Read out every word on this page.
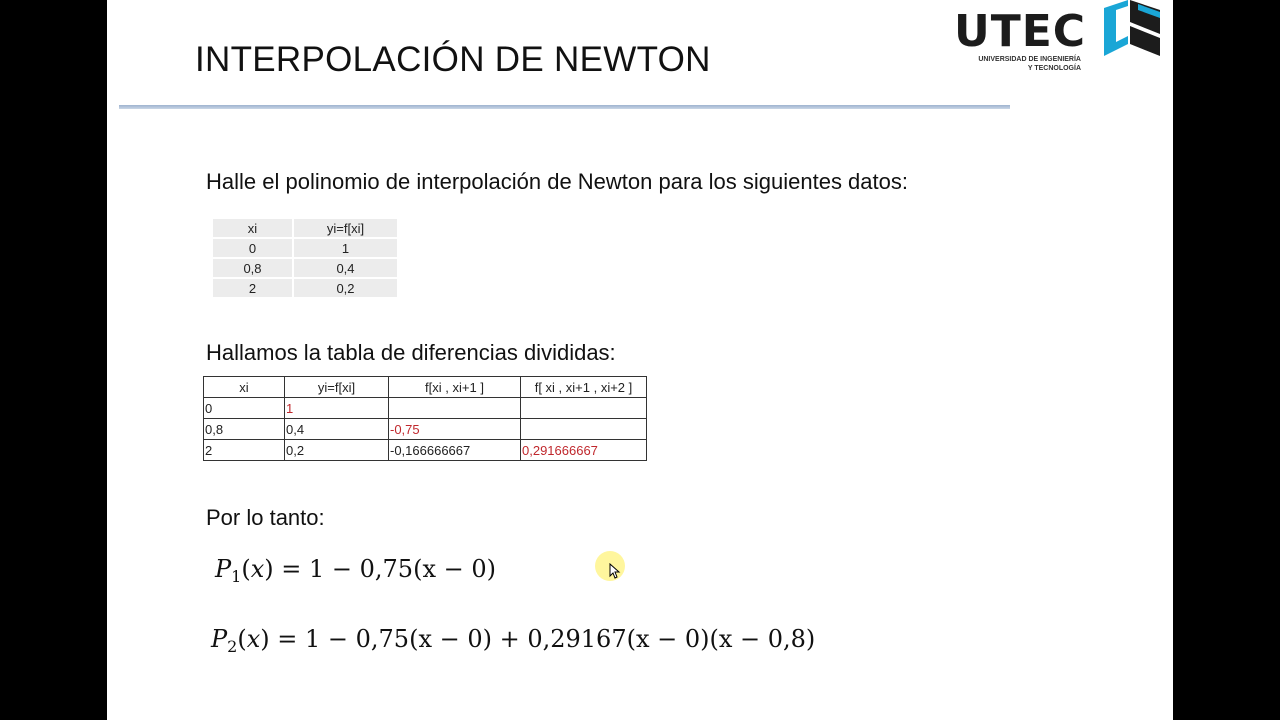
INTERPOLACIÓN DE NEWTON
UTEC
UNIVERSIDAD DE INGENIERÍA
Y TECNOLOGÍA
Halle el polinomio de interpolación de Newton para los siguientes datos:
xi	yi=f[xi]
0	1
0,8	0,4
2	0,2
Hallamos la tabla de diferencias divididas:
xi	yi=f[xi]	f[xi , xi+1 ]	f[ xi , xi+1 , xi+2 ]
0	1		
0,8	0,4	-0,75	
2	0,2	-0,166666667	0,291666667
Por lo tanto:
$P_1(x) = 1 - 0,75(x - 0)$
$P_2(x) = 1 - 0,75(x - 0) + 0,29167(x - 0)(x - 0,8)$
